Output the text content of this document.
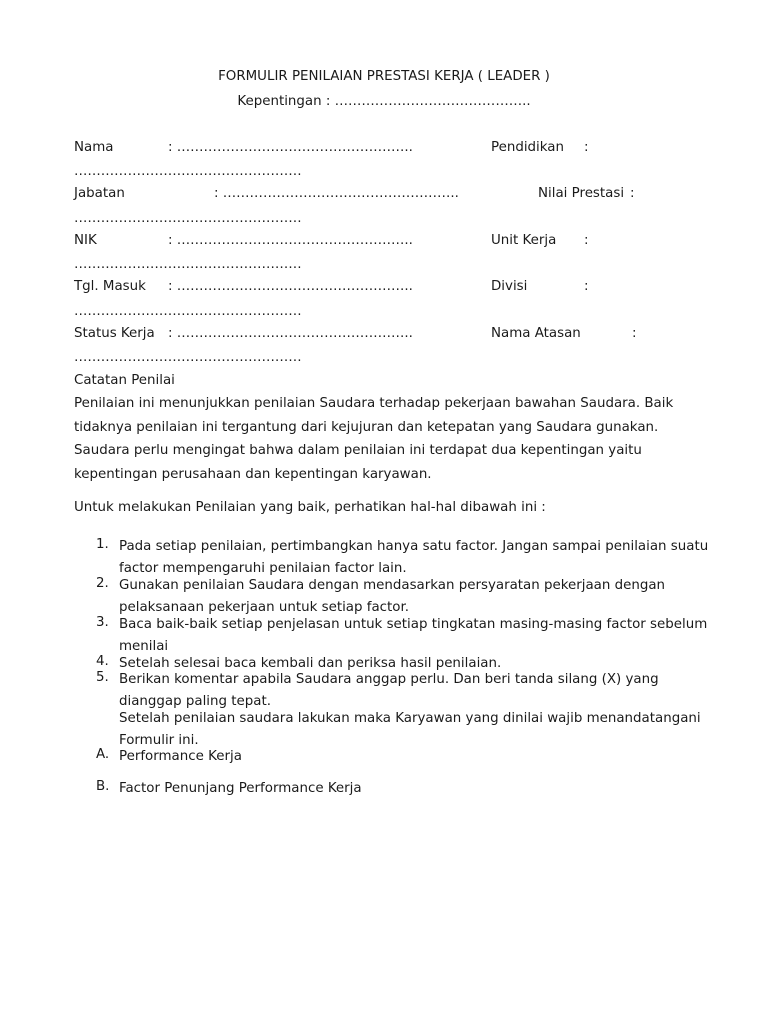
FORMULIR PENILAIAN PRESTASI KERJA ( LEADER )
Kepentingan : ……………………………………..
Nama	: ……………………………………………..	Pendidikan :
……………………………………………
Jabatan	: ……………………………………………..	Nilai Prestasi :
……………………………………………
NIK	: ……………………………………………..	Unit Kerja :
……………………………………………
Tgl. Masuk : ……………………………………………..	Divisi	:
……………………………………………
Status Kerja : ……………………………………………..	Nama Atasan	:
……………………………………………
Catatan Penilai
Penilaian ini menunjukkan penilaian Saudara terhadap pekerjaan bawahan Saudara. Baik tidaknya penilaian ini tergantung dari kejujuran dan ketepatan yang Saudara gunakan. Saudara perlu mengingat bahwa dalam penilaian ini terdapat dua kepentingan yaitu kepentingan perusahaan dan kepentingan karyawan.
Untuk melakukan Penilaian yang baik, perhatikan hal-hal dibawah ini :
1. Pada setiap penilaian, pertimbangkan hanya satu factor. Jangan sampai penilaian suatu factor mempengaruhi penilaian factor lain.
2. Gunakan penilaian Saudara dengan mendasarkan persyaratan pekerjaan dengan pelaksanaan pekerjaan untuk setiap factor.
3. Baca baik-baik setiap penjelasan untuk setiap tingkatan masing-masing factor sebelum menilai
4. Setelah selesai baca kembali dan periksa hasil penilaian.
5. Berikan komentar apabila Saudara anggap perlu. Dan beri tanda silang (X) yang dianggap paling tepat.
Setelah penilaian saudara lakukan maka Karyawan yang dinilai wajib menandatangani Formulir ini.
A. Performance Kerja
B. Factor Penunjang Performance Kerja
